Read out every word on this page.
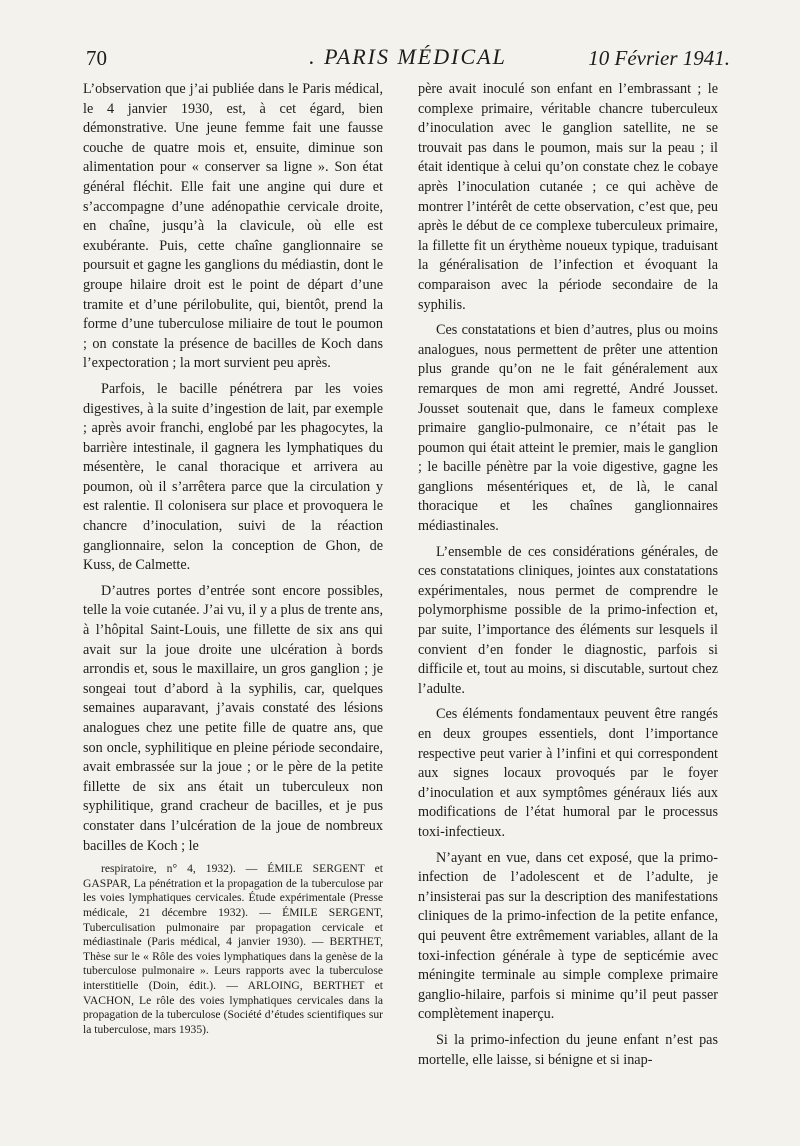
70	. PARIS MÉDICAL	10 Février 1941.

L’observation que j’ai publiée dans le Paris médical, le 4 janvier 1930, est, à cet égard, bien démonstrative. Une jeune femme fait une fausse couche de quatre mois et, ensuite, diminue son alimentation pour « conserver sa ligne ». Son état général fléchit. Elle fait une angine qui dure et s’accompagne d’une adénopathie cervicale droite, en chaîne, jusqu’à la clavicule, où elle est exubérante. Puis, cette chaîne ganglionnaire se poursuit et gagne les ganglions du médiastin, dont le groupe hilaire droit est le point de départ d’une tramite et d’une périlobulite, qui, bientôt, prend la forme d’une tuberculose miliaire de tout le poumon ; on constate la présence de bacilles de Koch dans l’expectoration ; la mort survient peu après.

Parfois, le bacille pénétrera par les voies digestives, à la suite d’ingestion de lait, par exemple ; après avoir franchi, englobé par les phagocytes, la barrière intestinale, il gagnera les lymphatiques du mésentère, le canal thoracique et arrivera au poumon, où il s’arrêtera parce que la circulation y est ralentie. Il colonisera sur place et provoquera le chancre d’inoculation, suivi de la réaction ganglionnaire, selon la conception de Ghon, de Kuss, de Calmette.

D’autres portes d’entrée sont encore possibles, telle la voie cutanée. J’ai vu, il y a plus de trente ans, à l’hôpital Saint-Louis, une fillette de six ans qui avait sur la joue droite une ulcération à bords arrondis et, sous le maxillaire, un gros ganglion ; je songeai tout d’abord à la syphilis, car, quelques semaines auparavant, j’avais constaté des lésions analogues chez une petite fille de quatre ans, que son oncle, syphilitique en pleine période secondaire, avait embrassée sur la joue ; or le père de la petite fillette de six ans était un tuberculeux non syphilitique, grand cracheur de bacilles, et je pus constater dans l’ulcération de la joue de nombreux bacilles de Koch ; le

respiratoire, n° 4, 1932). — ÉMILE SERGENT et GASPAR, La pénétration et la propagation de la tuberculose par les voies lymphatiques cervicales. Étude expérimentale (Presse médicale, 21 décembre 1932). — ÉMILE SERGENT, Tuberculisation pulmonaire par propagation cervicale et médiastinale (Paris médical, 4 janvier 1930). — BERTHET, Thèse sur le « Rôle des voies lymphatiques dans la genèse de la tuberculose pulmonaire ». Leurs rapports avec la tuberculose interstitielle (Doin, édit.). — ARLOING, BERTHET et VACHON, Le rôle des voies lymphatiques cervicales dans la propagation de la tuberculose (Société d’études scientifiques sur la tuberculose, mars 1935).

père avait inoculé son enfant en l’embrassant ; le complexe primaire, véritable chancre tuberculeux d’inoculation avec le ganglion satellite, ne se trouvait pas dans le poumon, mais sur la peau ; il était identique à celui qu’on constate chez le cobaye après l’inoculation cutanée ; ce qui achève de montrer l’intérêt de cette observation, c’est que, peu après le début de ce complexe tuberculeux primaire, la fillette fit un érythème noueux typique, traduisant la généralisation de l’infection et évoquant la comparaison avec la période secondaire de la syphilis.

Ces constatations et bien d’autres, plus ou moins analogues, nous permettent de prêter une attention plus grande qu’on ne le fait généralement aux remarques de mon ami regretté, André Jousset. Jousset soutenait que, dans le fameux complexe primaire ganglio-pulmonaire, ce n’était pas le poumon qui était atteint le premier, mais le ganglion ; le bacille pénètre par la voie digestive, gagne les ganglions mésentériques et, de là, le canal thoracique et les chaînes ganglionnaires médiastinales.

L’ensemble de ces considérations générales, de ces constatations cliniques, jointes aux constatations expérimentales, nous permet de comprendre le polymorphisme possible de la primo-infection et, par suite, l’importance des éléments sur lesquels il convient d’en fonder le diagnostic, parfois si difficile et, tout au moins, si discutable, surtout chez l’adulte.

Ces éléments fondamentaux peuvent être rangés en deux groupes essentiels, dont l’importance respective peut varier à l’infini et qui correspondent aux signes locaux provoqués par le foyer d’inoculation et aux symptômes généraux liés aux modifications de l’état humoral par le processus toxi-infectieux.

N’ayant en vue, dans cet exposé, que la primo-infection de l’adolescent et de l’adulte, je n’insisterai pas sur la description des manifestations cliniques de la primo-infection de la petite enfance, qui peuvent être extrêmement variables, allant de la toxi-infection générale à type de septicémie avec méningite terminale au simple complexe primaire ganglio-hilaire, parfois si minime qu’il peut passer complètement inaperçu.

Si la primo-infection du jeune enfant n’est pas mortelle, elle laisse, si bénigne et si inap-
